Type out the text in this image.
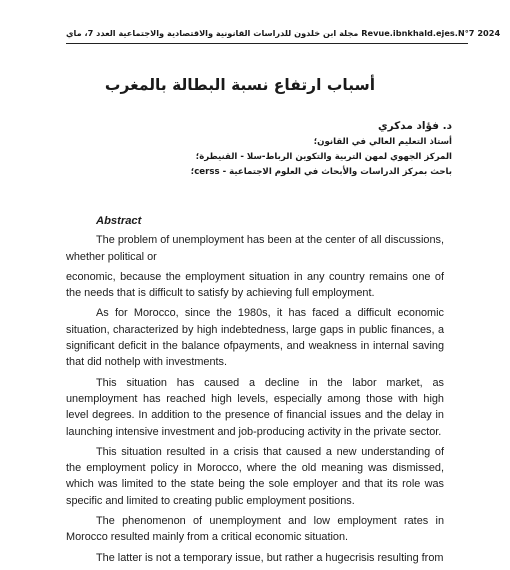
مجلة ابن خلدون للدراسات القانونية والاقتصادية والاجتماعية العدد 7، ماي Revue.ibnkhald.ejes.N°7 2024
أسباب ارتفاع نسبة البطالة بالمغرب
د. فؤاد مدكري
أستاذ التعليم العالي في القانون؛
المركز الجهوي لمهن التربية والتكوين الرباط-سلا - القنيطرة؛
باحث بمركز الدراسات والأبحاث في العلوم الاجتماعية - cerss؛
Abstract

The problem of unemployment has been at the center of all discussions, whether political or

economic, because the employment situation in any country remains one of the needs that is difficult to satisfy by achieving full employment.

As for Morocco, since the 1980s, it has faced a difficult economic situation, characterized by high indebtedness, large gaps in public finances, a significant deficit in the balance ofpayments, and weakness in internal saving that did nothelp with investments.

This situation has caused a decline in the labor market, as unemployment has reached high levels, especially among those with high level degrees. In addition to the presence of financial issues and the delay in launching intensive investment and job-producing activity in the private sector.

This situation resulted in a crisis that caused a new understanding of the employment policy in Morocco, where the old meaning was dismissed, which was limited to the state being the sole employer and that its role was specific and limited to creating public employment positions.

The phenomenon of unemployment and low employment rates in Morocco resulted mainly from a critical economic situation.

The latter is not a temporary issue, but rather a hugecrisis resulting from
